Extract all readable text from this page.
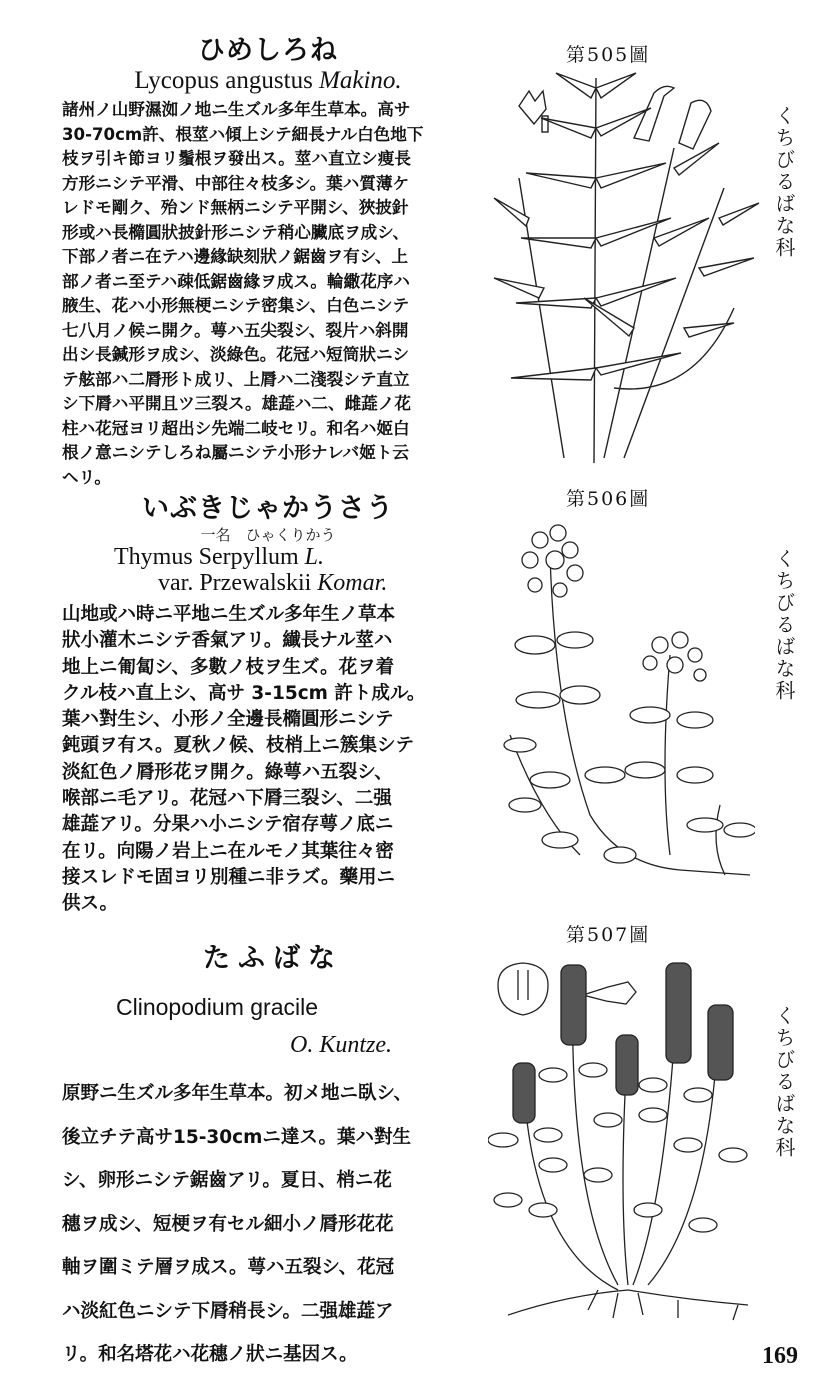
ひめしろね
Lycopus angustus Makino.
諸州ノ山野濕洳ノ地ニ生ズル多年生草本。高サ
30-70cm許、根莖ハ傾上シテ細長ナル白色地下
枝ヲ引キ節ヨリ鬚根ヲ發出ス。莖ハ直立シ痩長
方形ニシテ平滑、中部往々枝多シ。葉ハ質薄ケ
レドモ剛ク、殆ンド無柄ニシテ平開シ、狹披針
形或ハ長橢圓狀披針形ニシテ稍心臟底ヲ成シ、
下部ノ者ニ在テハ邊緣缺刻狀ノ鋸齒ヲ有シ、上
部ノ者ニ至テハ疎低鋸齒緣ヲ成ス。輪繖花序ハ
腋生、花ハ小形無梗ニシテ密集シ、白色ニシテ
七八月ノ候ニ開ク。萼ハ五尖裂シ、裂片ハ斜開
出シ長鍼形ヲ成シ、淡綠色。花冠ハ短筒狀ニシ
テ舷部ハ二脣形ト成リ、上脣ハ二淺裂シテ直立
シ下脣ハ平開且ツ三裂ス。雄蕋ハ二、雌蕋ノ花
柱ハ花冠ヨリ超出シ先端二岐セリ。和名ハ姬白
根ノ意ニシテしろね屬ニシテ小形ナレバ姬ト云
ヘリ。
第505圖
くちびるばな科
いぶきじゃかうさう
一名　ひゃくりかう
Thymus Serpyllum L.
var. Przewalskii Komar.
山地或ハ時ニ平地ニ生ズル多年生ノ草本
狀小灌木ニシテ香氣アリ。纎長ナル莖ハ
地上ニ匍匐シ、多數ノ枝ヲ生ズ。花ヲ着
クル枝ハ直上シ、高サ 3-15cm 許ト成ル。
葉ハ對生シ、小形ノ全邊長橢圓形ニシテ
鈍頭ヲ有ス。夏秋ノ候、枝梢上ニ簇集シテ
淡紅色ノ脣形花ヲ開ク。綠萼ハ五裂シ、
喉部ニ毛アリ。花冠ハ下脣三裂シ、二强
雄蕋アリ。分果ハ小ニシテ宿存萼ノ底ニ
在リ。向陽ノ岩上ニ在ルモノ其葉往々密
接スレドモ固ヨリ別種ニ非ラズ。藥用ニ
供ス。
第506圖
くちびるばな科
たふばな
Clinopodium gracile
O. Kuntze.
原野ニ生ズル多年生草本。初メ地ニ臥シ、
後立チテ高サ15-30cmニ達ス。葉ハ對生
シ、卵形ニシテ鋸齒アリ。夏日、梢ニ花
穗ヲ成シ、短梗ヲ有セル細小ノ脣形花花
軸ヲ圍ミテ層ヲ成ス。萼ハ五裂シ、花冠
ハ淡紅色ニシテ下脣稍長シ。二强雄蕋ア
リ。和名塔花ハ花穗ノ狀ニ基因ス。
第507圖
くちびるばな科
169
